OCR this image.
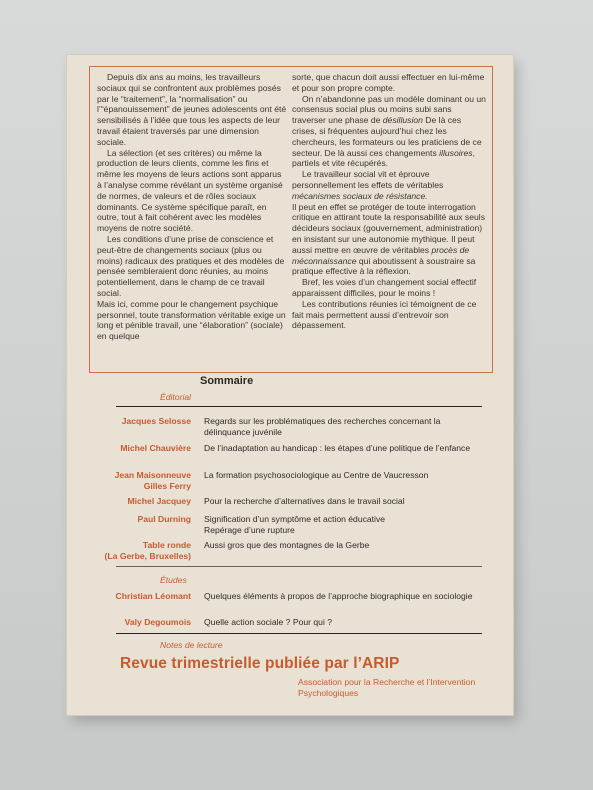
Depuis dix ans au moins, les travailleurs sociaux qui se confrontent aux problèmes posés par le “traitement”, la “normalisation” ou l’“épanouissement” de jeunes adolescents ont été sensibilisés à l’idée que tous les aspects de leur travail étaient traversés par une dimension sociale.

La sélection (et ses critères) ou même la production de leurs clients, comme les fins et même les moyens de leurs actions sont apparus à l’analyse comme révélant un système organisé de normes, de valeurs et de rôles sociaux dominants. Ce système spécifique paraît, en outre, tout à fait cohérent avec les modèles moyens de notre société.

Les conditions d’une prise de conscience et peut-être de changements sociaux (plus ou moins) radicaux des pratiques et des modèles de pensée sembleraient donc réunies, au moins potentiellement, dans le champ de ce travail social.

Mais ici, comme pour le changement psychique personnel, toute transformation véritable exige un long et pénible travail, une “élaboration” (sociale) en quelque

sorte, que chacun doit aussi effectuer en lui-même et pour son propre compte.

On n’abandonne pas un modèle dominant ou un consensus social plus ou moins subi sans traverser une phase de désillusion De là ces crises, si fréquentes aujourd’hui chez les chercheurs, les formateurs ou les praticiens de ce secteur. De là aussi ces changements illusoires, partiels et vite récupérés.

Le travailleur social vit et éprouve personnellement les effets de véritables mécanismes sociaux de résistance.

Il peut en effet se protéger de toute interrogation critique en attirant toute la responsabilité aux seuls décideurs sociaux (gouvernement, administration) en insistant sur une autonomie mythique. Il peut aussi mettre en œuvre de véritables procès de méconnaissance qui aboutissent à soustraire sa pratique effective à la réflexion.

Bref, les voies d’un changement social effectif apparaissent difficiles, pour le moins !

Les contributions réunies ici témoignent de ce fait mais permettent aussi d’entrevoir son dépassement.

Sommaire
Éditorial
Jacques Selosse Regards sur les problématiques des recherches concernant la délinquance juvénile
Michel Chauvière De l’inadaptation au handicap : les étapes d’une politique de l’enfance
Jean Maisonneuve
Gilles Ferry
La formation psychosociologique au Centre de Vaucresson
Michel Jacquey Pour la recherche d’alternatives dans le travail social
Paul Durning Signification d’un symptôme et action éducative
Repérage d’une rupture
Table ronde
(La Gerbe, Bruxelles)
Aussi gros que des montagnes de la Gerbe
Études
Christian Léomant Quelques éléments à propos de l’approche biographique en sociologie
Valy Degoumois Quelle action sociale ? Pour qui ?
Notes de lecture
Revue trimestrielle publiée par l’ARIP
Association pour la Recherche et l’Intervention Psychologiques
